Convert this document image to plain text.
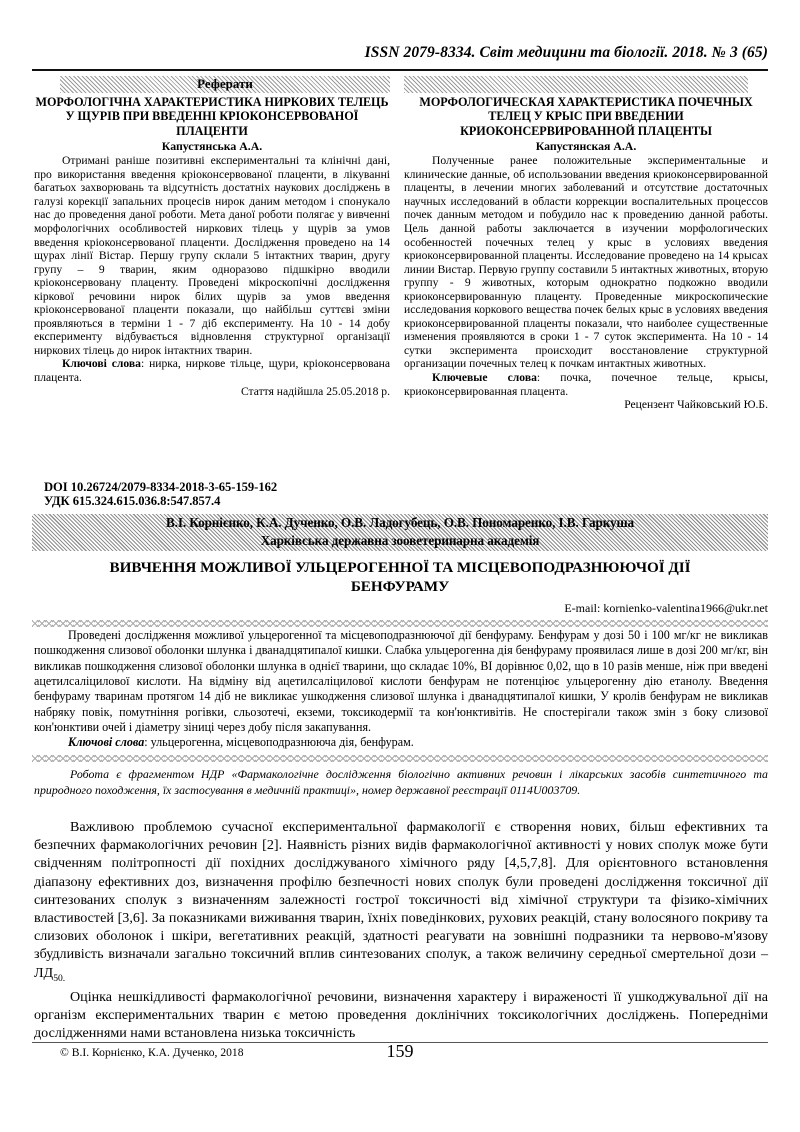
ISSN 2079-8334. Світ медицини та біології. 2018. № 3 (65)
Реферати
МОРФОЛОГІЧНА ХАРАКТЕРИСТИКА НИРКОВИХ ТЕЛЕЦЬ У ЩУРІВ ПРИ ВВЕДЕННІ КРІОКОНСЕРВОВАНОЇ ПЛАЦЕНТИ
Капустянська А.А.
Отримані раніше позитивні експериментальні та клінічні дані, про використання введення кріоконсервованої плаценти, в лікуванні багатьох захворювань та відсутність достатніх наукових досліджень в галузі корекції запальних процесів нирок даним методом і спонукало нас до проведення даної роботи. Мета даної роботи полягає у вивченні морфологічних особливостей ниркових тілець у щурів за умов введення кріоконсервованої плаценти. Дослідження проведено на 14 щурах лінії Вістар. Першу групу склали 5 інтактних тварин, другу групу – 9 тварин, яким одноразово підшкірно вводили кріоконсервовану плаценту. Проведені мікроскопічні дослідження кіркової речовини нирок білих щурів за умов введення кріоконсервованої плаценти показали, що найбільш суттєві зміни проявляються в терміни 1 - 7 діб експерименту. На 10 - 14 добу експерименту відбувається відновлення структурної організації ниркових тілець до нирок інтактних тварин.
Ключові слова: нирка, ниркове тільце, щури, кріоконсервована плацента.
Стаття надійшла 25.05.2018 р.
МОРФОЛОГИЧЕСКАЯ ХАРАКТЕРИСТИКА ПОЧЕЧНЫХ ТЕЛЕЦ У КРЫС ПРИ ВВЕДЕНИИ КРИОКОНСЕРВИРОВАННОЙ ПЛАЦЕНТЫ
Капустянская А.А.
Полученные ранее положительные экспериментальные и клинические данные, об использовании введения криоконсервированной плаценты, в лечении многих заболеваний и отсутствие достаточных научных исследований в области коррекции воспалительных процессов почек данным методом и побудило нас к проведению данной работы. Цель данной работы заключается в изучении морфологических особенностей почечных телец у крыс в условиях введения криоконсервированной плаценты. Исследование проведено на 14 крысах линии Вистар. Первую группу составили 5 интактных животных, вторую группу - 9 животных, которым однократно подкожно вводили криоконсервированную плаценту. Проведенные микроскопические исследования коркового вещества почек белых крыс в условиях введения криоконсервированной плаценты показали, что наиболее существенные изменения проявляются в сроки 1 - 7 суток эксперимента. На 10 - 14 сутки эксперимента происходит восстановление структурной организации почечных телец к почкам интактных животных.
Ключевые слова: почка, почечное тельце, крысы, криоконсервированная плацента.
Рецензент Чайковський Ю.Б.
DOI 10.26724/2079-8334-2018-3-65-159-162
УДК 615.324.615.036.8:547.857.4
В.І. Корнієнко, К.А. Дученко, О.В. Ладогубець, О.В. Пономаренко, І.В. Гаркуша
Харківська державна зооветеринарна академія
ВИВЧЕННЯ МОЖЛИВОЇ УЛЬЦЕРОГЕННОЇ ТА МІСЦЕВОПОДРАЗНЮЮЧОЇ ДІЇ БЕНФУРАМУ
E-mail: kornienko-valentina1966@ukr.net
Проведені дослідження можливої ульцерогенної та місцевоподразнюючої дії бенфураму. Бенфурам у дозі 50 і 100 мг/кг не викликав пошкодження слизової оболонки шлунка і дванадцятипалої кишки. Слабка ульцерогенна дія бенфураму проявилася лише в дозі 200 мг/кг, він викликав пошкодження слизової оболонки шлунка в однієї тварини, що складає 10%, ВІ дорівнює 0,02, що в 10 разів менше, ніж при введені ацетилсаліцилової кислоти. На відміну від ацетилсаліцилової кислоти бенфурам не потенціює ульцерогенну дію етанолу. Введення бенфураму тваринам протягом 14 діб не викликає ушкодження слизової шлунка і дванадцятипалої кишки, У кролів бенфурам не викликав набряку повік, помутніння рогівки, сльозотечі, екземи, токсикодермії та кон'юнктивітів. Не спостерігали також змін з боку слизової кон'юнктиви очей і діаметру зіниці через добу після закапування.
Ключові слова: ульцерогенна, місцевоподразнююча дія, бенфурам.
Робота є фрагментом НДР «Фармакологічне дослідження біологічно активних речовин і лікарських засобів синтетичного та природного походження, їх застосування в медичній практиці», номер державної реєстрації 0114U003709.

Важливою проблемою сучасної експериментальної фармакології є створення нових, більш ефективних та безпечних фармакологічних речовин [2]. Наявність різних видів фармакологічної активності у нових сполук може бути свідченням політропності дії похідних досліджуваного хімічного ряду [4,5,7,8]. Для орієнтовного встановлення діапазону ефективних доз, визначення профілю безпечності нових сполук були проведені дослідження токсичної дії синтезованих сполук з визначенням залежності гострої токсичності від хімічної структури та фізико-хімічних властивостей [3,6]. За показниками виживання тварин, їхніх поведінкових, рухових реакцій, стану волосяного покриву та слизових оболонок і шкіри, вегетативних реакцій, здатності реагувати на зовнішні подразники та нервово-м'язову збудливість визначали загально токсичний вплив синтезованих сполук, а також величину середньої смертельної дози – $ЛД_{50.}$

Оцінка нешкідливості фармакологічної речовини, визначення характеру і вираженості її ушкоджувальної дії на організм експериментальних тварин є метою проведення доклінічних токсикологічних досліджень. Попередніми дослідженнями нами встановлена низька токсичність

© В.І. Корнієнко, К.А. Дученко, 2018	159
